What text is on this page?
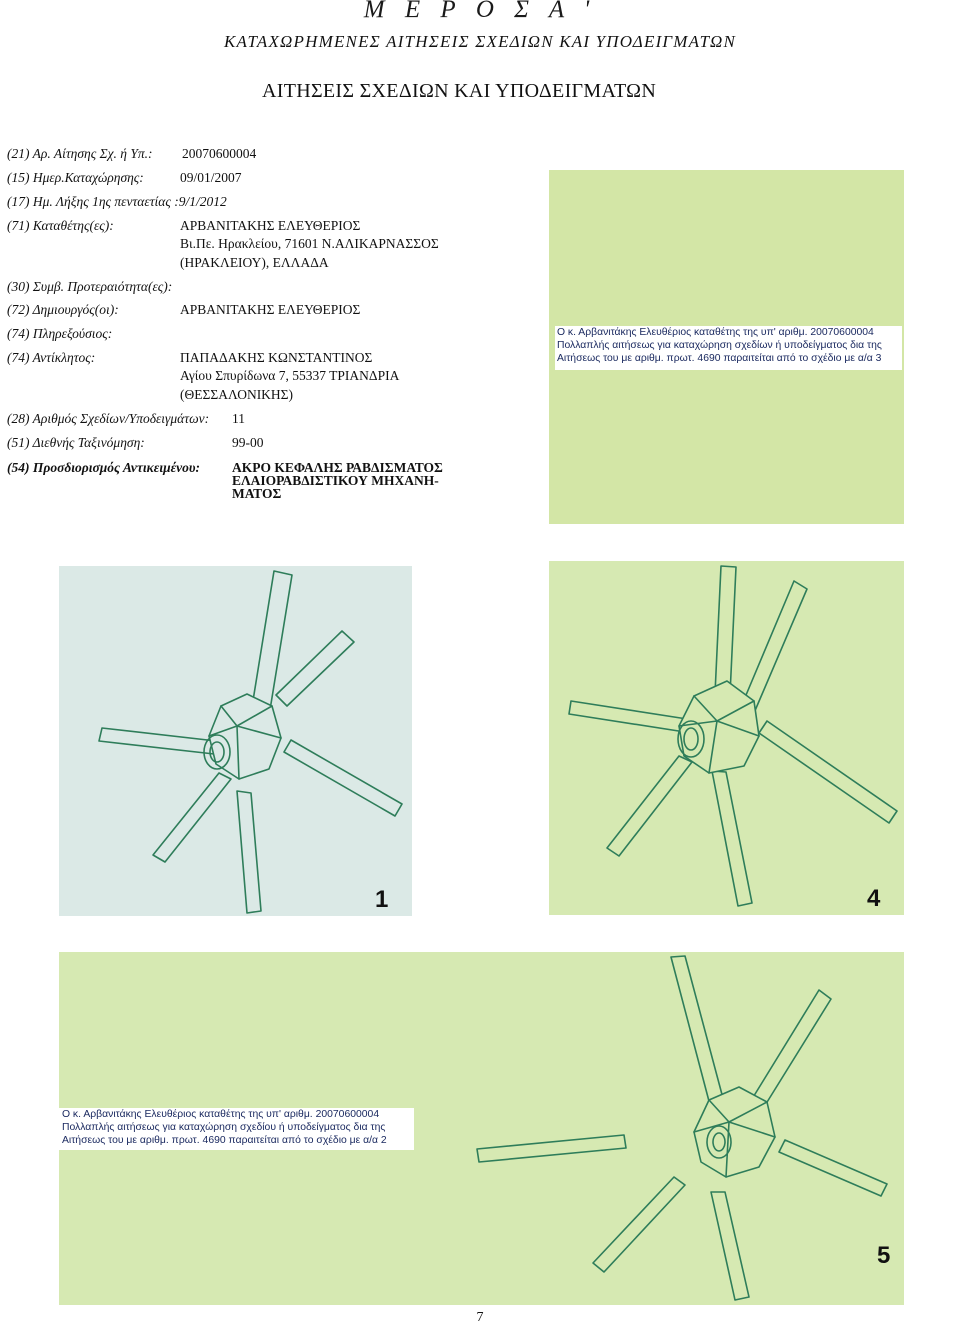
Μ Ε Ρ Ο Σ Α '
ΚΑΤΑΧΩΡΗΜΕΝΕΣ ΑΙΤΗΣΕΙΣ ΣΧΕΔΙΩΝ ΚΑΙ ΥΠΟΔΕΙΓΜΑΤΩΝ
ΑΙΤΗΣΕΙΣ ΣΧΕΔΙΩΝ ΚΑΙ ΥΠΟΔΕΙΓΜΑΤΩΝ
(21) Αρ. Αίτησης Σχ. ή Υπ.: 20070600004
(15) Ημερ.Καταχώρησης:	09/01/2007
(17) Ημ. Λήξης 1ης πενταετίας :9/1/2012
(71) Καταθέτης(ες):	ΑΡΒΑΝΙΤΑΚΗΣ ΕΛΕΥΘΕΡΙΟΣ
Βι.Πε. Ηρακλείου, 71601 Ν.ΑΛΙΚΑΡΝΑΣΣΟΣ
(ΗΡΑΚΛΕΙΟΥ), ΕΛΛΑΔΑ
(30) Συμβ. Προτεραιότητα(ες):
(72) Δημιουργός(οι):	ΑΡΒΑΝΙΤΑΚΗΣ ΕΛΕΥΘΕΡΙΟΣ
(74) Πληρεξούσιος:
(74) Αντίκλητος:	ΠΑΠΑΔΑΚΗΣ ΚΩΝΣΤΑΝΤΙΝΟΣ
Αγίου Σπυρίδωνα 7, 55337 ΤΡΙΑΝΔΡΙΑ
(ΘΕΣΣΑΛΟΝΙΚΗΣ)
(28) Αριθμός Σχεδίων/Υποδειγμάτων: 11
(51) Διεθνής Ταξινόμηση:	99-00
(54) Προσδιορισμός Αντικειμένου: ΑΚΡΟ ΚΕΦΑΛΗΣ ΡΑΒΔΙΣΜΑΤΟΣ
ΕΛΑΙΟΡΑΒΔΙΣΤΙΚΟΥ ΜΗΧΑΝΗ-
ΜΑΤΟΣ
Ο κ. Αρβανιτάκης Ελευθέριος καταθέτης της υπ' αριθμ. 20070600004
Πολλαπλής αιτήσεως για καταχώρηση σχεδίων ή υποδείγματος δια της
Αιτήσεως του με αριθμ. πρωτ. 4690 παραιτείται από το σχέδιο με α/α 3
1	4
Ο κ. Αρβανιτάκης Ελευθέριος καταθέτης της υπ' αριθμ. 20070600004
Πολλαπλής αιτήσεως για καταχώρηση σχεδίου ή υποδείγματος δια της
Αιτήσεως του με αριθμ. πρωτ. 4690 παραιτείται από το σχέδιο με α/α 2
5
7
